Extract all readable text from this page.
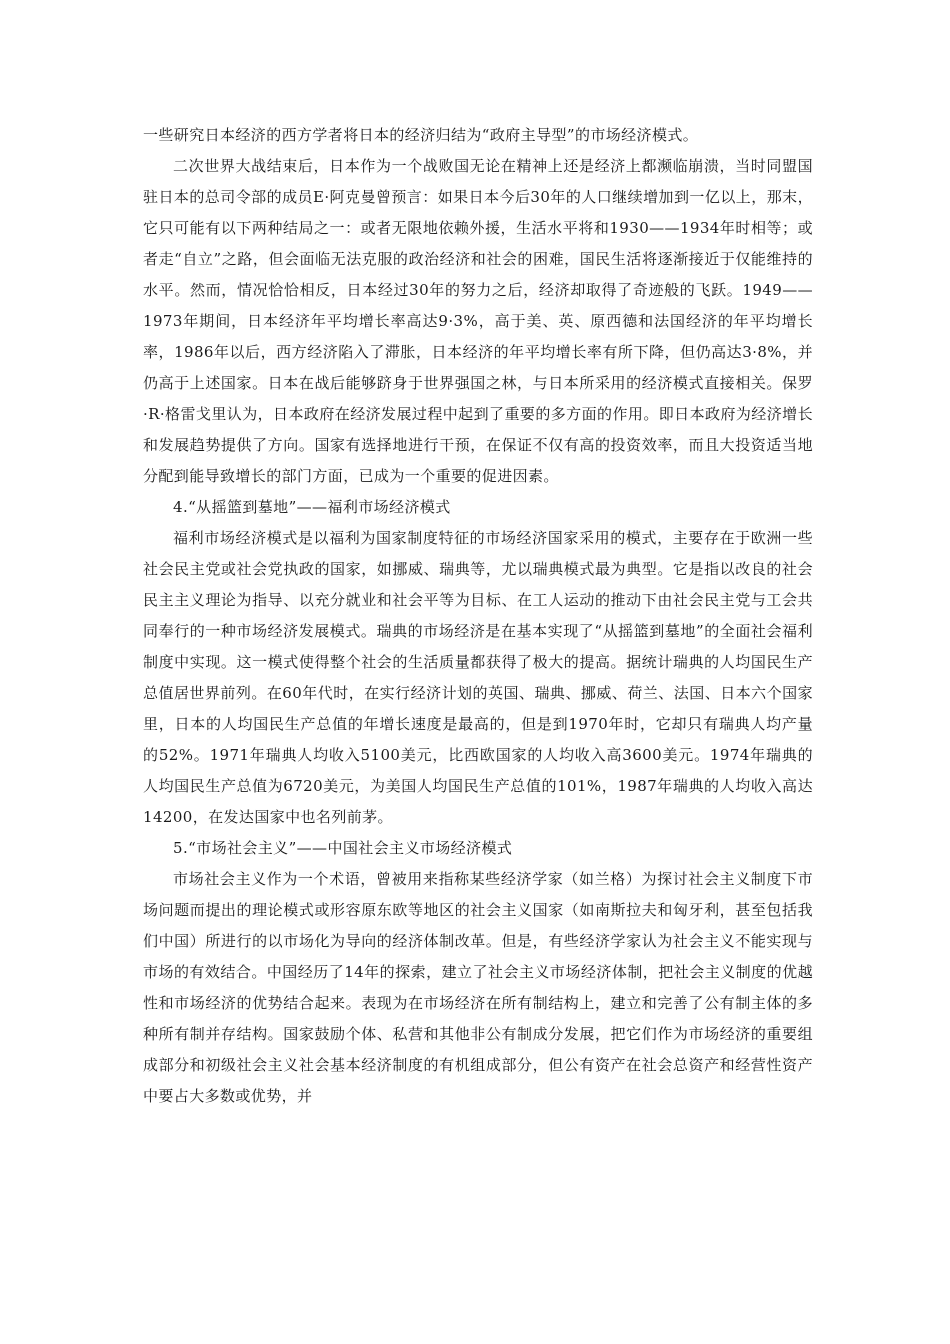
一些研究日本经济的西方学者将日本的经济归结为“政府主导型”的市场经济模式。

二次世界大战结束后，日本作为一个战败国无论在精神上还是经济上都濒临崩溃，当时同盟国驻日本的总司令部的成员E·阿克曼曾预言：如果日本今后30年的人口继续增加到一亿以上，那末，它只可能有以下两种结局之一：或者无限地依赖外援，生活水平将和1930——1934年时相等；或者走“自立”之路，但会面临无法克服的政治经济和社会的困难，国民生活将逐渐接近于仅能维持的水平。然而，情况恰恰相反，日本经过30年的努力之后，经济却取得了奇迹般的飞跃。1949——1973年期间，日本经济年平均增长率高达9·3%，高于美、英、原西德和法国经济的年平均增长率，1986年以后，西方经济陷入了滞胀，日本经济的年平均增长率有所下降，但仍高达3·8%，并仍高于上述国家。日本在战后能够跻身于世界强国之林，与日本所采用的经济模式直接相关。保罗·R·格雷戈里认为，日本政府在经济发展过程中起到了重要的多方面的作用。即日本政府为经济增长和发展趋势提供了方向。国家有选择地进行干预，在保证不仅有高的投资效率，而且大投资适当地分配到能导致增长的部门方面，已成为一个重要的促进因素。

4.“从摇篮到墓地”——福利市场经济模式

福利市场经济模式是以福利为国家制度特征的市场经济国家采用的模式，主要存在于欧洲一些社会民主党或社会党执政的国家，如挪威、瑞典等，尤以瑞典模式最为典型。它是指以改良的社会民主主义理论为指导、以充分就业和社会平等为目标、在工人运动的推动下由社会民主党与工会共同奉行的一种市场经济发展模式。瑞典的市场经济是在基本实现了“从摇篮到墓地”的全面社会福利制度中实现。这一模式使得整个社会的生活质量都获得了极大的提高。据统计瑞典的人均国民生产总值居世界前列。在60年代时，在实行经济计划的英国、瑞典、挪威、荷兰、法国、日本六个国家里，日本的人均国民生产总值的年增长速度是最高的，但是到1970年时，它却只有瑞典人均产量的52%。1971年瑞典人均收入5100美元，比西欧国家的人均收入高3600美元。1974年瑞典的人均国民生产总值为6720美元，为美国人均国民生产总值的101%，1987年瑞典的人均收入高达14200，在发达国家中也名列前茅。

5.“市场社会主义”——中国社会主义市场经济模式

市场社会主义作为一个术语，曾被用来指称某些经济学家（如兰格）为探讨社会主义制度下市场问题而提出的理论模式或形容原东欧等地区的社会主义国家（如南斯拉夫和匈牙利，甚至包括我们中国）所进行的以市场化为导向的经济体制改革。但是，有些经济学家认为社会主义不能实现与市场的有效结合。中国经历了14年的探索，建立了社会主义市场经济体制，把社会主义制度的优越性和市场经济的优势结合起来。表现为在市场经济在所有制结构上，建立和完善了公有制主体的多种所有制并存结构。国家鼓励个体、私营和其他非公有制成分发展，把它们作为市场经济的重要组成部分和初级社会主义社会基本经济制度的有机组成部分，但公有资产在社会总资产和经营性资产中要占大多数或优势，并
